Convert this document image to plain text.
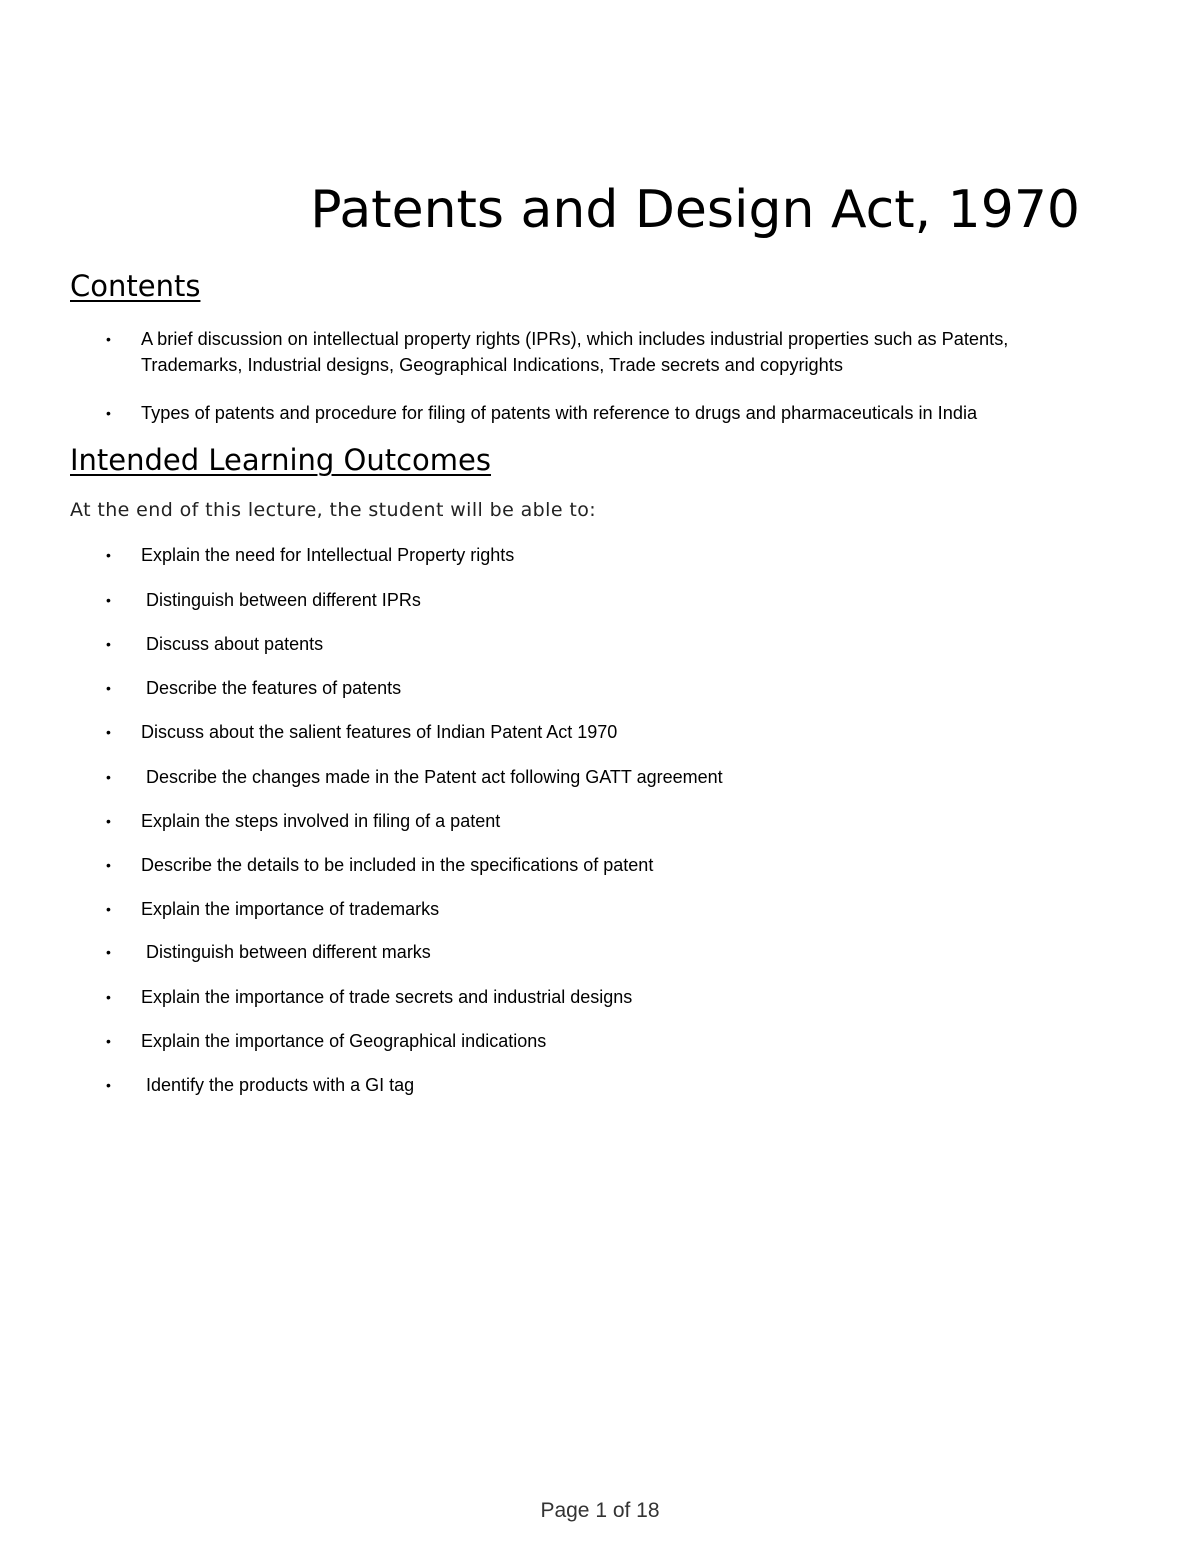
Patents and Design Act, 1970
Contents
• A brief discussion on intellectual property rights (IPRs), which includes industrial properties such as Patents,
Trademarks, Industrial designs, Geographical Indications, Trade secrets and copyrights
• Types of patents and procedure for filing of patents with reference to drugs and pharmaceuticals in India
Intended Learning Outcomes

At the end of this lecture, the student will be able to:

• Explain the need for Intellectual Property rights
• Distinguish between different IPRs
• Discuss about patents
• Describe the features of patents
• Discuss about the salient features of Indian Patent Act 1970
• Describe the changes made in the Patent act following GATT agreement
• Explain the steps involved in filing of a patent
• Describe the details to be included in the specifications of patent
• Explain the importance of trademarks
• Distinguish between different marks
• Explain the importance of trade secrets and industrial designs
• Explain the importance of Geographical indications
• Identify the products with a GI tag
Page 1 of 18
